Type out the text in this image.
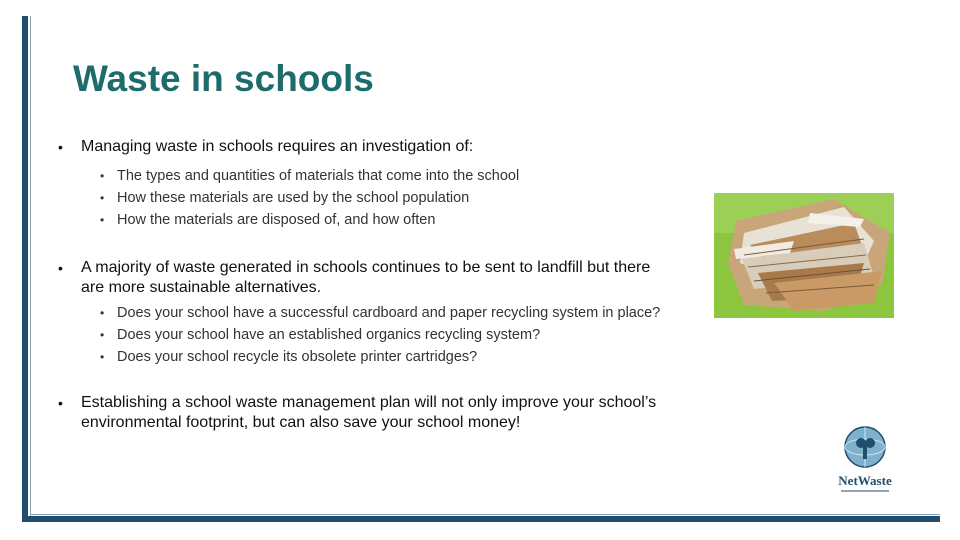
Waste in schools

• Managing waste in schools requires an investigation of:

• The types and quantities of materials that come into the school
• How these materials are used by the school population
• How the materials are disposed of, and how often

• A majority of waste generated in schools continues to be sent to landfill but there are more sustainable alternatives.

• Does your school have a successful cardboard and paper recycling system in place?
• Does your school have an established organics recycling system?
• Does your school recycle its obsolete printer cartridges?

• Establishing a school waste management plan will not only improve your school’s environmental footprint, but can also save your school money!

NetWaste
